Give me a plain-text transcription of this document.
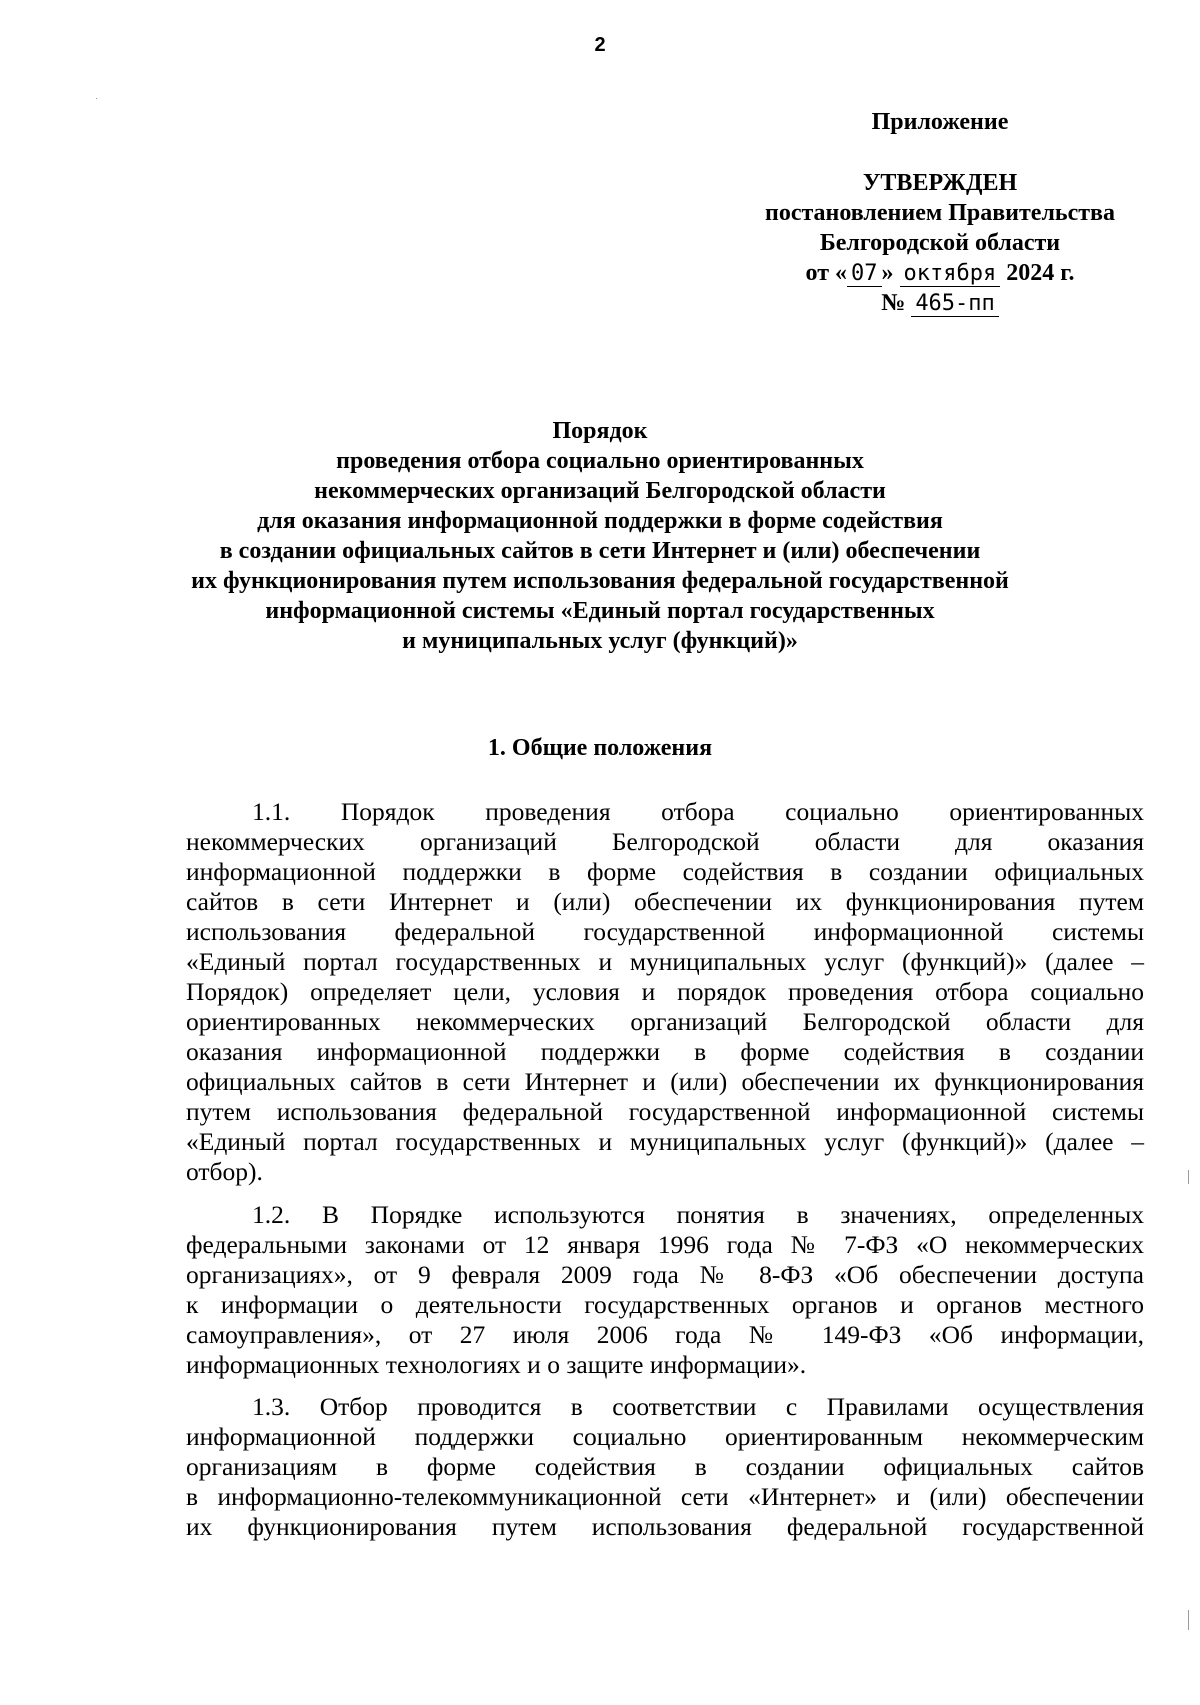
2
Приложение
УТВЕРЖДЕН
постановлением Правительства
Белгородской области
от « 07 » октября 2024 г.
№ 465-пп
Порядок
проведения отбора социально ориентированных
некоммерческих организаций Белгородской области
для оказания информационной поддержки в форме содействия
в создании официальных сайтов в сети Интернет и (или) обеспечении
их функционирования путем использования федеральной государственной
информационной системы «Единый портал государственных
и муниципальных услуг (функций)»
1. Общие положения
1.1. Порядок проведения отбора социально ориентированных
некоммерческих организаций Белгородской области для оказания
информационной поддержки в форме содействия в создании официальных
сайтов в сети Интернет и (или) обеспечении их функционирования путем
использования федеральной государственной информационной системы
«Единый портал государственных и муниципальных услуг (функций)» (далее –
Порядок) определяет цели, условия и порядок проведения отбора социально
ориентированных некоммерческих организаций Белгородской области для
оказания информационной поддержки в форме содействия в создании
официальных сайтов в сети Интернет и (или) обеспечении их функционирования
путем использования федеральной государственной информационной системы
«Единый портал государственных и муниципальных услуг (функций)» (далее –
отбор).
1.2. В Порядке используются понятия в значениях, определенных
федеральными законами от 12 января 1996 года № 7-ФЗ «О некоммерческих
организациях», от 9 февраля 2009 года № 8-ФЗ «Об обеспечении доступа
к информации о деятельности государственных органов и органов местного
самоуправления», от 27 июля 2006 года № 149-ФЗ «Об информации,
информационных технологиях и о защите информации».
1.3. Отбор проводится в соответствии с Правилами осуществления
информационной поддержки социально ориентированным некоммерческим
организациям в форме содействия в создании официальных сайтов
в информационно-телекоммуникационной сети «Интернет» и (или) обеспечении
их функционирования путем использования федеральной государственной
